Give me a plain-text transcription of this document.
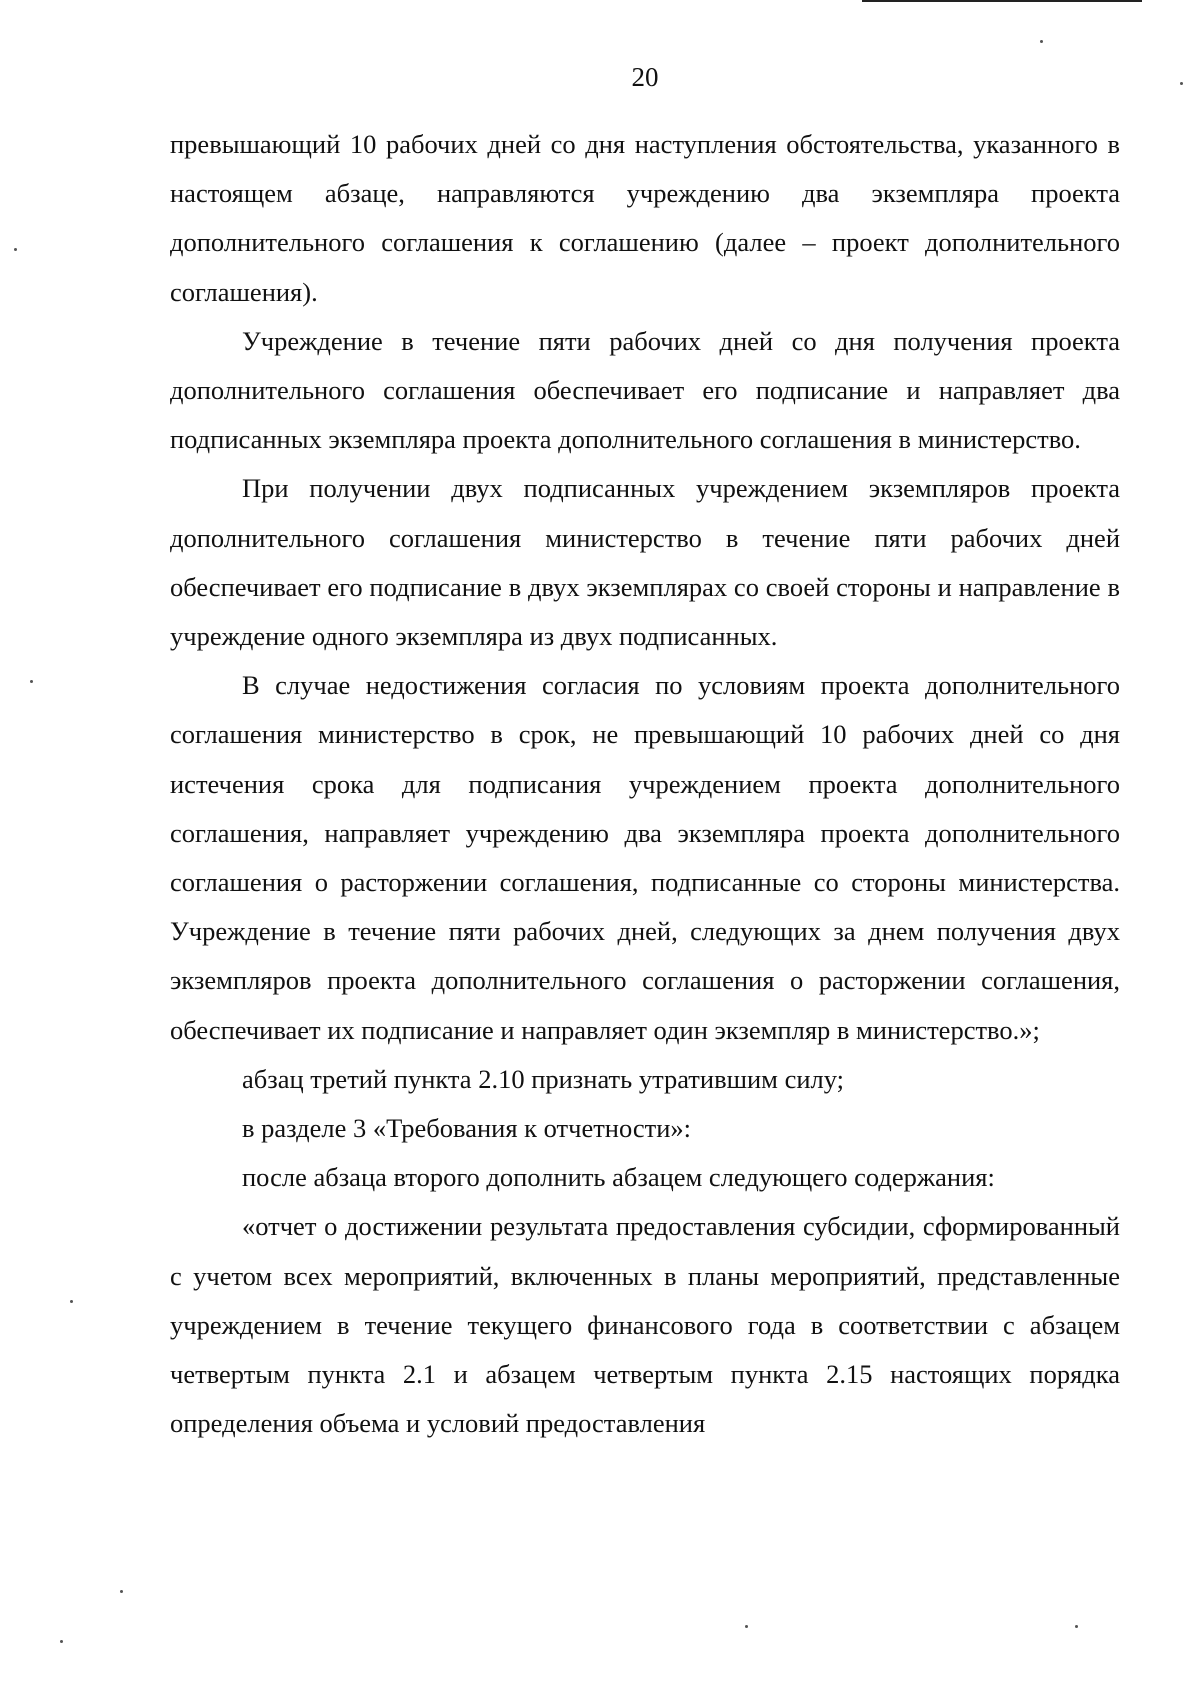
20

превышающий 10 рабочих дней со дня наступления обстоятельства, указанного в настоящем абзаце, направляются учреждению два экземпляра проекта дополнительного соглашения к соглашению (далее – проект дополнительного соглашения).

Учреждение в течение пяти рабочих дней со дня получения проекта дополнительного соглашения обеспечивает его подписание и направляет два подписанных экземпляра проекта дополнительного соглашения в министерство.

При получении двух подписанных учреждением экземпляров проекта дополнительного соглашения министерство в течение пяти рабочих дней обеспечивает его подписание в двух экземплярах со своей стороны и направление в учреждение одного экземпляра из двух подписанных.

В случае недостижения согласия по условиям проекта дополнительного соглашения министерство в срок, не превышающий 10 рабочих дней со дня истечения срока для подписания учреждением проекта дополнительного соглашения, направляет учреждению два экземпляра проекта дополнительного соглашения о расторжении соглашения, подписанные со стороны министерства. Учреждение в течение пяти рабочих дней, следующих за днем получения двух экземпляров проекта дополнительного соглашения о расторжении соглашения, обеспечивает их подписание и направляет один экземпляр в министерство.»;

абзац третий пункта 2.10 признать утратившим силу;

в разделе 3 «Требования к отчетности»:

после абзаца второго дополнить абзацем следующего содержания:

«отчет о достижении результата предоставления субсидии, сформированный с учетом всех мероприятий, включенных в планы мероприятий, представленные учреждением в течение текущего финансового года в соответствии с абзацем четвертым пункта 2.1 и абзацем четвертым пункта 2.15 настоящих порядка определения объема и условий предоставления
